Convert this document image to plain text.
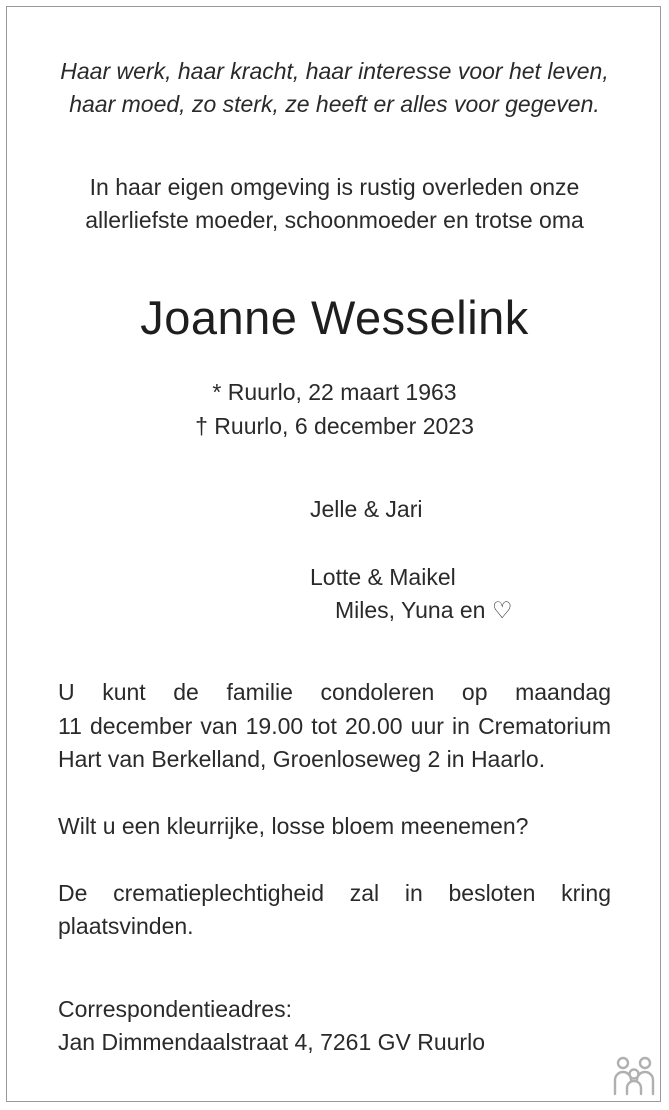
Haar werk, haar kracht, haar interesse voor het leven,
haar moed, zo sterk, ze heeft er alles voor gegeven.
In haar eigen omgeving is rustig overleden onze
allerliefste moeder, schoonmoeder en trotse oma
Joanne Wesselink
* Ruurlo, 22 maart 1963
† Ruurlo, 6 december 2023
Jelle & Jari
Lotte & Maikel
Miles, Yuna en ♡
U kunt de familie condoleren op maandag
11 december van 19.00 tot 20.00 uur in Crematorium
Hart van Berkelland, Groenloseweg 2 in Haarlo.
Wilt u een kleurrijke, losse bloem meenemen?
De crematieplechtigheid zal in besloten kring
plaatsvinden.
Correspondentieadres:
Jan Dimmendaalstraat 4, 7261 GV Ruurlo
